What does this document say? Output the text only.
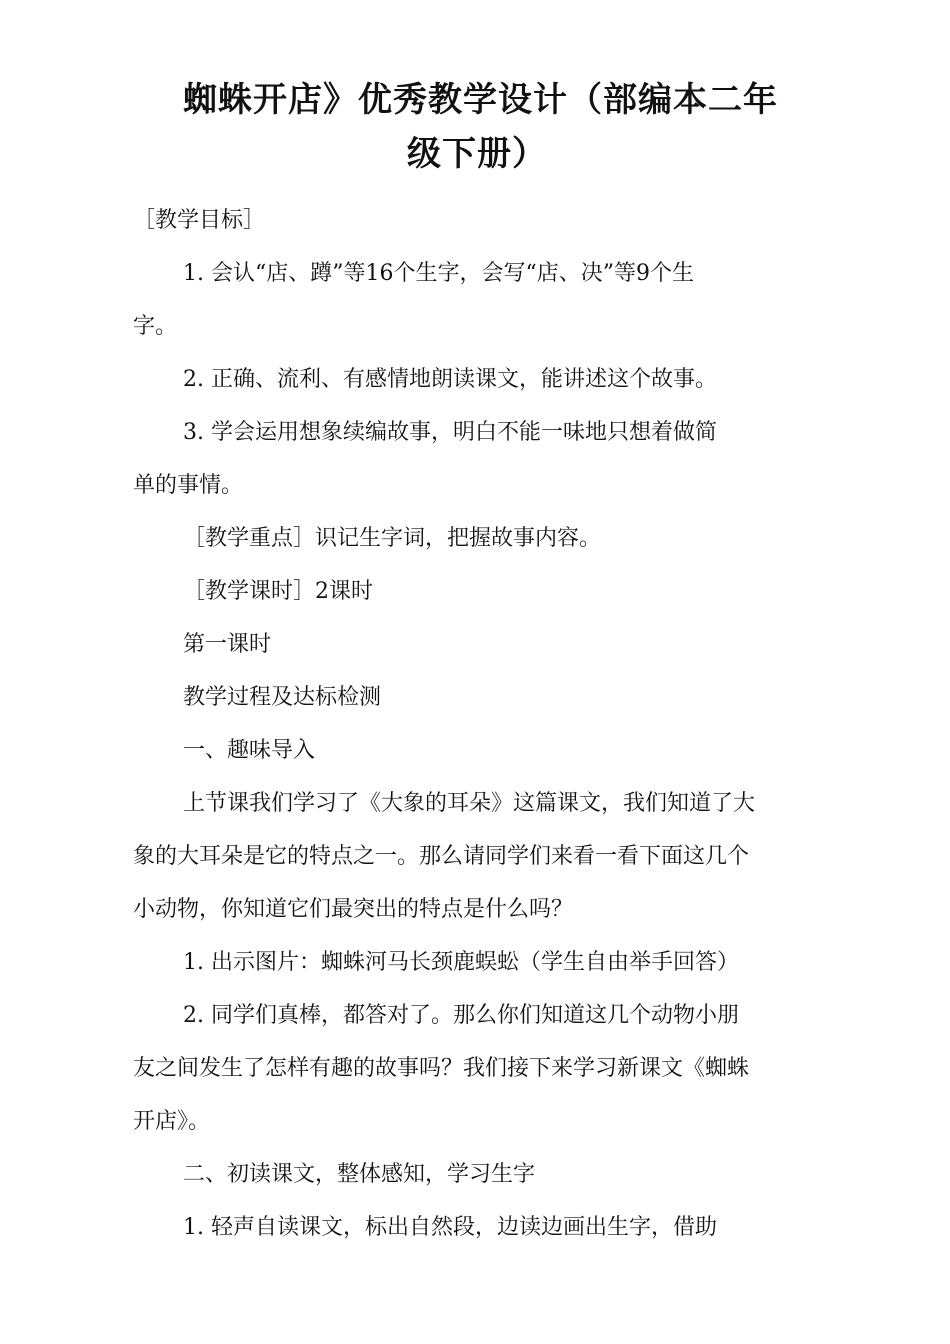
蜘蛛开店》优秀教学设计（部编本二年
级下册）
［教学目标］
1. 会认“店、蹲”等16个生字，会写“店、决”等9个生
字。
2. 正确、流利、有感情地朗读课文，能讲述这个故事。
3. 学会运用想象续编故事，明白不能一味地只想着做简
单的事情。
［教学重点］识记生字词，把握故事内容。
［教学课时］2课时
第一课时
教学过程及达标检测
一、趣味导入
上节课我们学习了《大象的耳朵》这篇课文，我们知道了大
象的大耳朵是它的特点之一。那么请同学们来看一看下面这几个
小动物，你知道它们最突出的特点是什么吗？
1. 出示图片：蜘蛛河马长颈鹿蜈蚣（学生自由举手回答）
2. 同学们真棒，都答对了。那么你们知道这几个动物小朋
友之间发生了怎样有趣的故事吗？我们接下来学习新课文《蜘蛛
开店》。
二、初读课文，整体感知，学习生字
1. 轻声自读课文，标出自然段，边读边画出生字，借助
